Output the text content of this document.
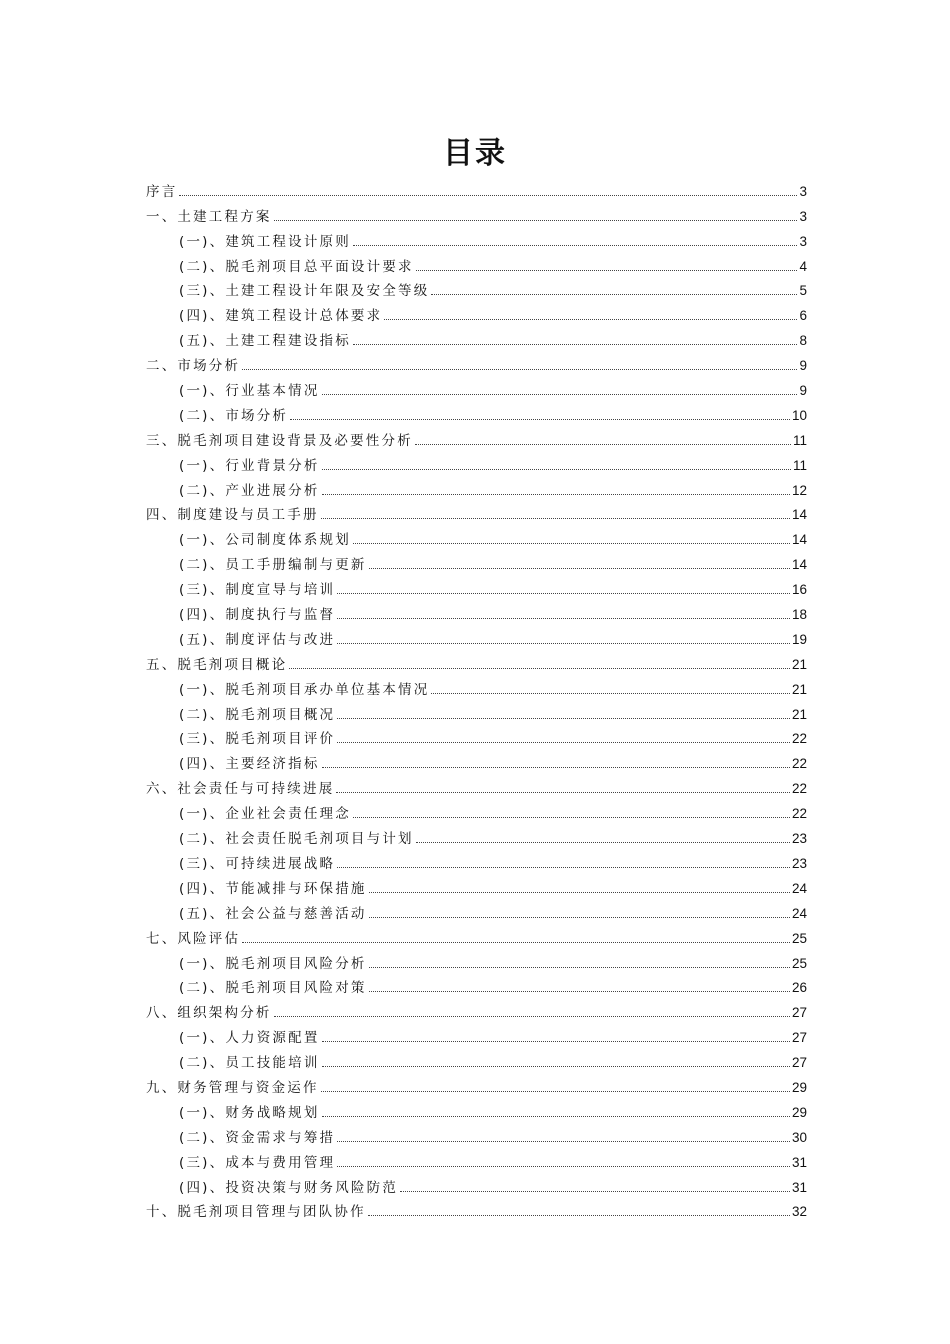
目录
序言	3
一、土建工程方案	3
(一)、建筑工程设计原则	3
(二)、脱毛剂项目总平面设计要求	4
(三)、土建工程设计年限及安全等级	5
(四)、建筑工程设计总体要求	6
(五)、土建工程建设指标	8
二、市场分析	9
(一)、行业基本情况	9
(二)、市场分析	10
三、脱毛剂项目建设背景及必要性分析	11
(一)、行业背景分析	11
(二)、产业进展分析	12
四、制度建设与员工手册	14
(一)、公司制度体系规划	14
(二)、员工手册编制与更新	14
(三)、制度宣导与培训	16
(四)、制度执行与监督	18
(五)、制度评估与改进	19
五、脱毛剂项目概论	21
(一)、脱毛剂项目承办单位基本情况	21
(二)、脱毛剂项目概况	21
(三)、脱毛剂项目评价	22
(四)、主要经济指标	22
六、社会责任与可持续进展	22
(一)、企业社会责任理念	22
(二)、社会责任脱毛剂项目与计划	23
(三)、可持续进展战略	23
(四)、节能减排与环保措施	24
(五)、社会公益与慈善活动	24
七、风险评估	25
(一)、脱毛剂项目风险分析	25
(二)、脱毛剂项目风险对策	26
八、组织架构分析	27
(一)、人力资源配置	27
(二)、员工技能培训	27
九、财务管理与资金运作	29
(一)、财务战略规划	29
(二)、资金需求与筹措	30
(三)、成本与费用管理	31
(四)、投资决策与财务风险防范	31
十、脱毛剂项目管理与团队协作	32
